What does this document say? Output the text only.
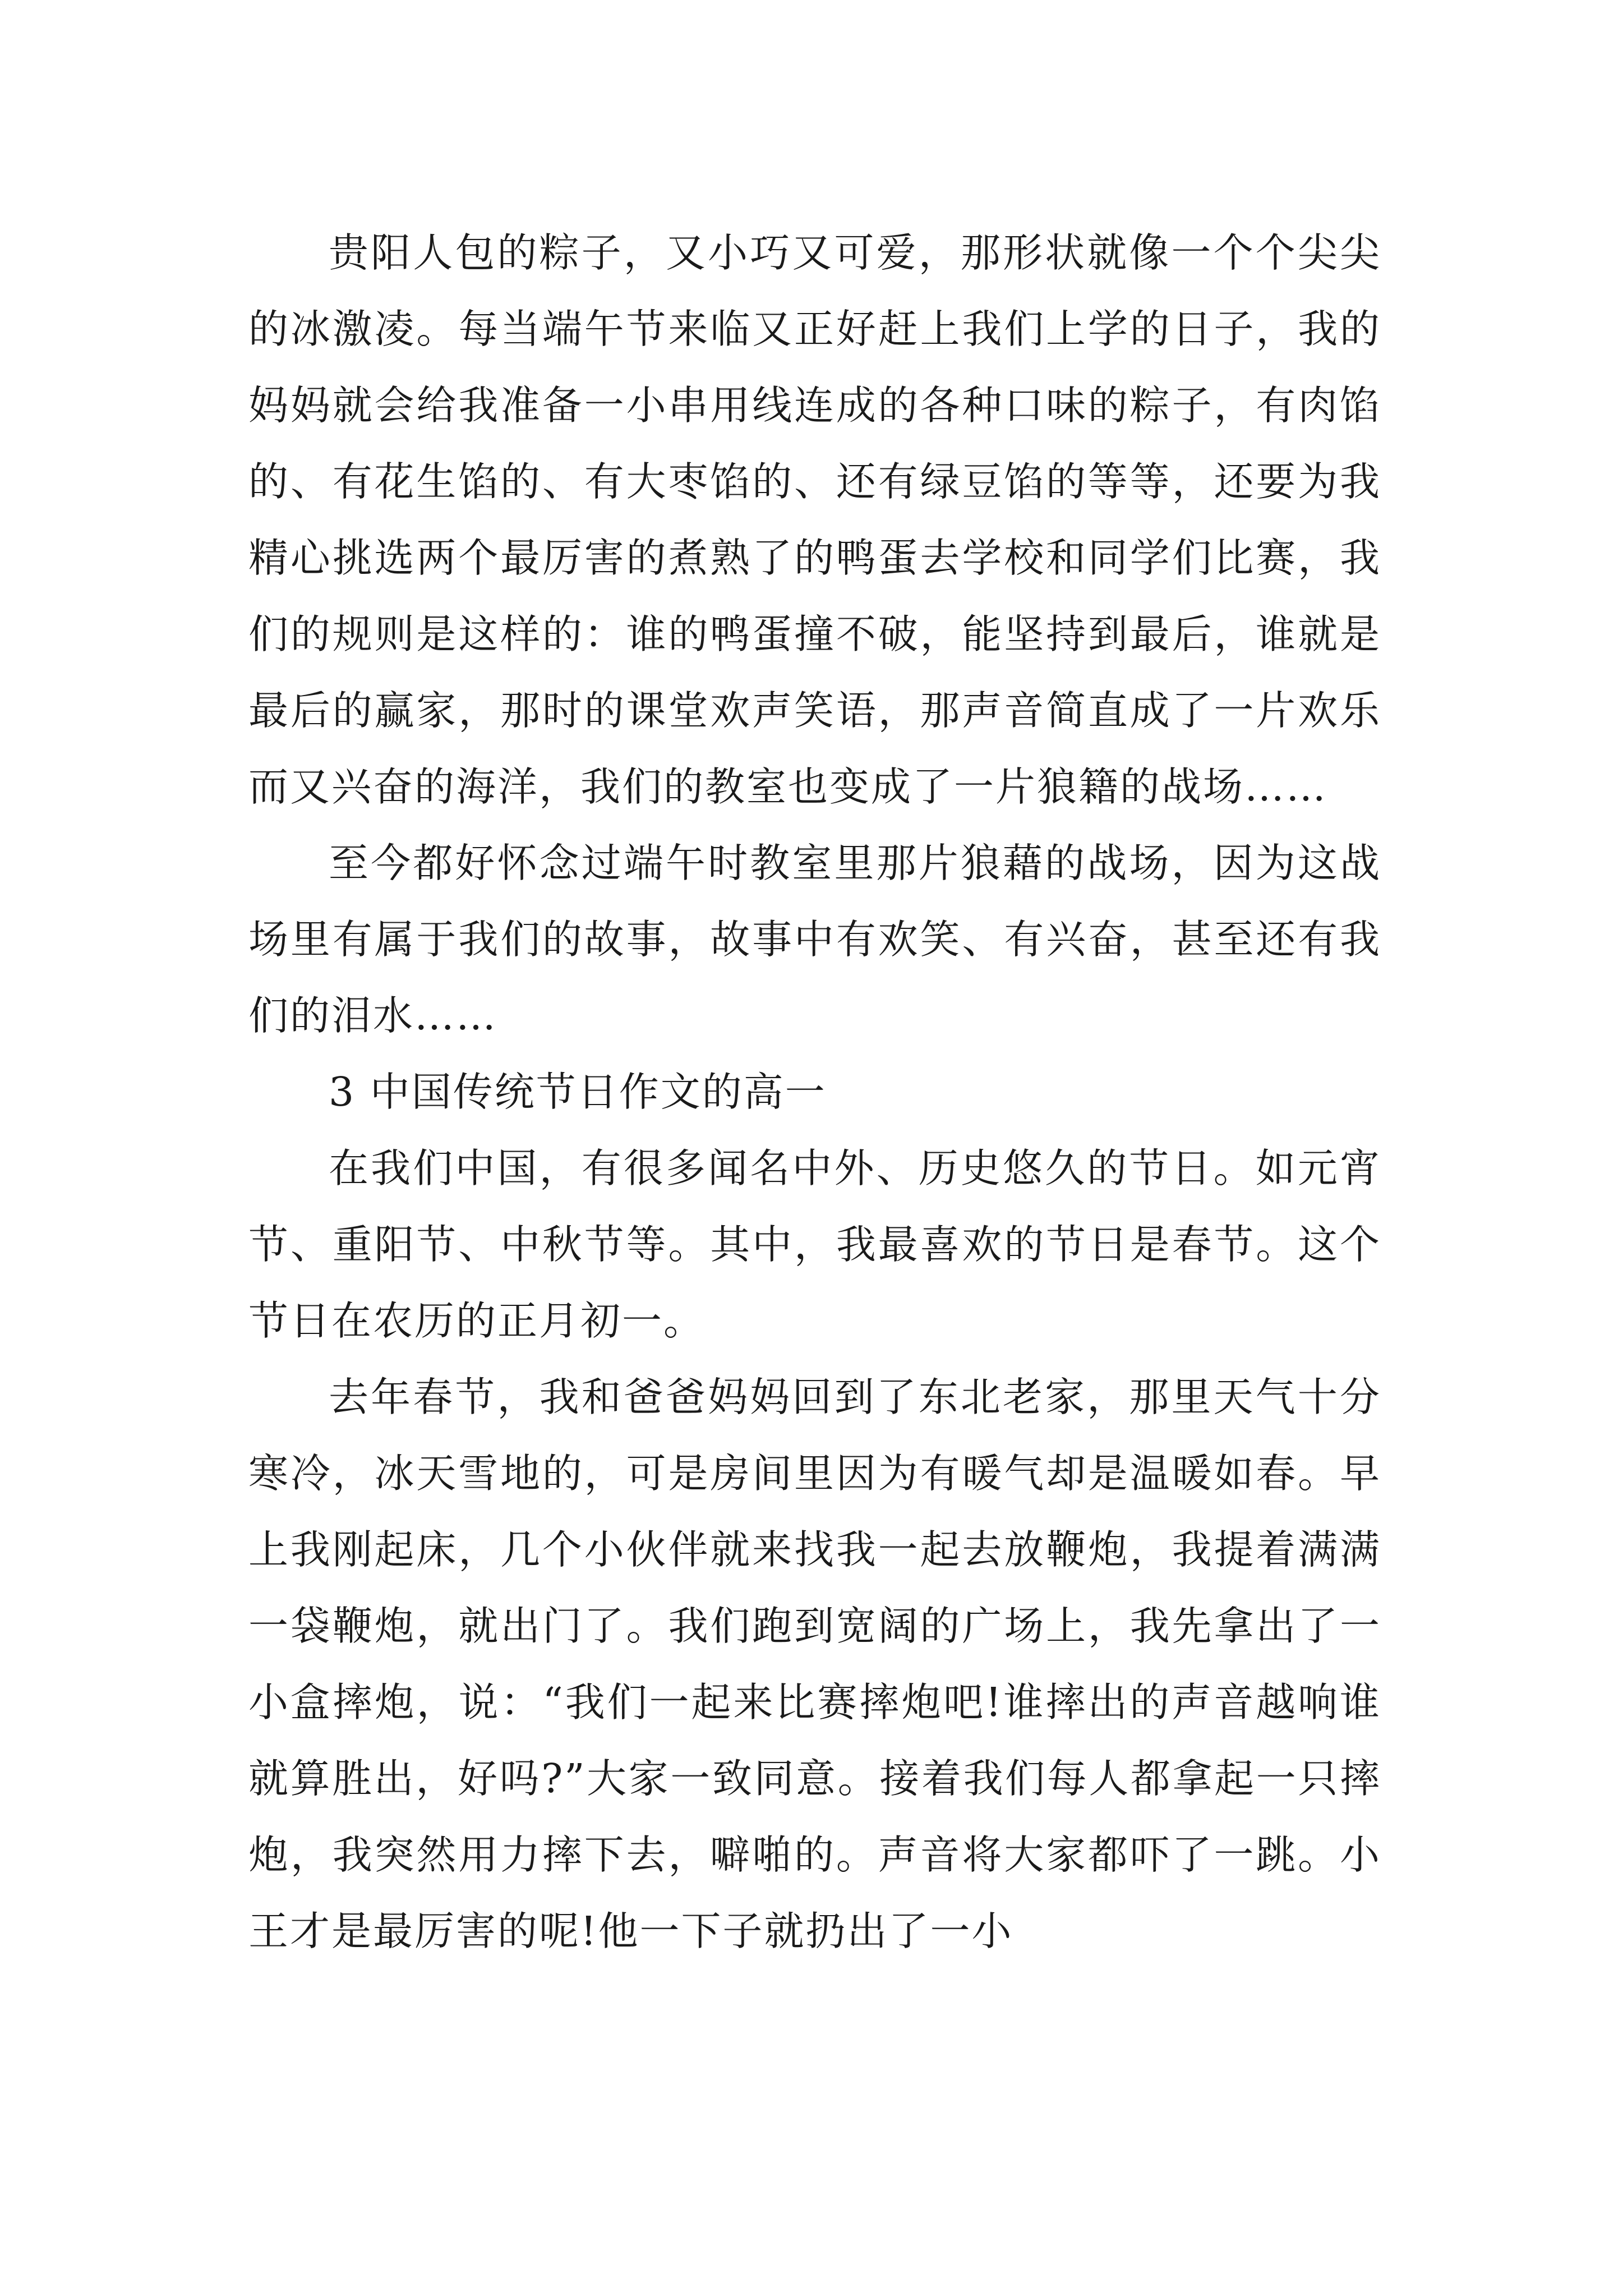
贵阳人包的粽子，又小巧又可爱，那形状就像一个个尖尖的冰激凌。每当端午节来临又正好赶上我们上学的日子，我的妈妈就会给我准备一小串用线连成的各种口味的粽子，有肉馅的、有花生馅的、有大枣馅的、还有绿豆馅的等等，还要为我精心挑选两个最厉害的煮熟了的鸭蛋去学校和同学们比赛，我们的规则是这样的：谁的鸭蛋撞不破，能坚持到最后，谁就是最后的赢家，那时的课堂欢声笑语，那声音简直成了一片欢乐而又兴奋的海洋，我们的教室也变成了一片狼籍的战场……

至今都好怀念过端午时教室里那片狼藉的战场，因为这战场里有属于我们的故事，故事中有欢笑、有兴奋，甚至还有我们的泪水……

3 中国传统节日作文的高一

在我们中国，有很多闻名中外、历史悠久的节日。如元宵节、重阳节、中秋节等。其中，我最喜欢的节日是春节。这个节日在农历的正月初一。

去年春节，我和爸爸妈妈回到了东北老家，那里天气十分寒冷，冰天雪地的，可是房间里因为有暖气却是温暖如春。早上我刚起床，几个小伙伴就来找我一起去放鞭炮，我提着满满一袋鞭炮，就出门了。我们跑到宽阔的广场上，我先拿出了一小盒摔炮，说：“我们一起来比赛摔炮吧!谁摔出的声音越响谁就算胜出，好吗?”大家一致同意。接着我们每人都拿起一只摔炮，我突然用力摔下去，噼啪的。声音将大家都吓了一跳。小王才是最厉害的呢!他一下子就扔出了一小
